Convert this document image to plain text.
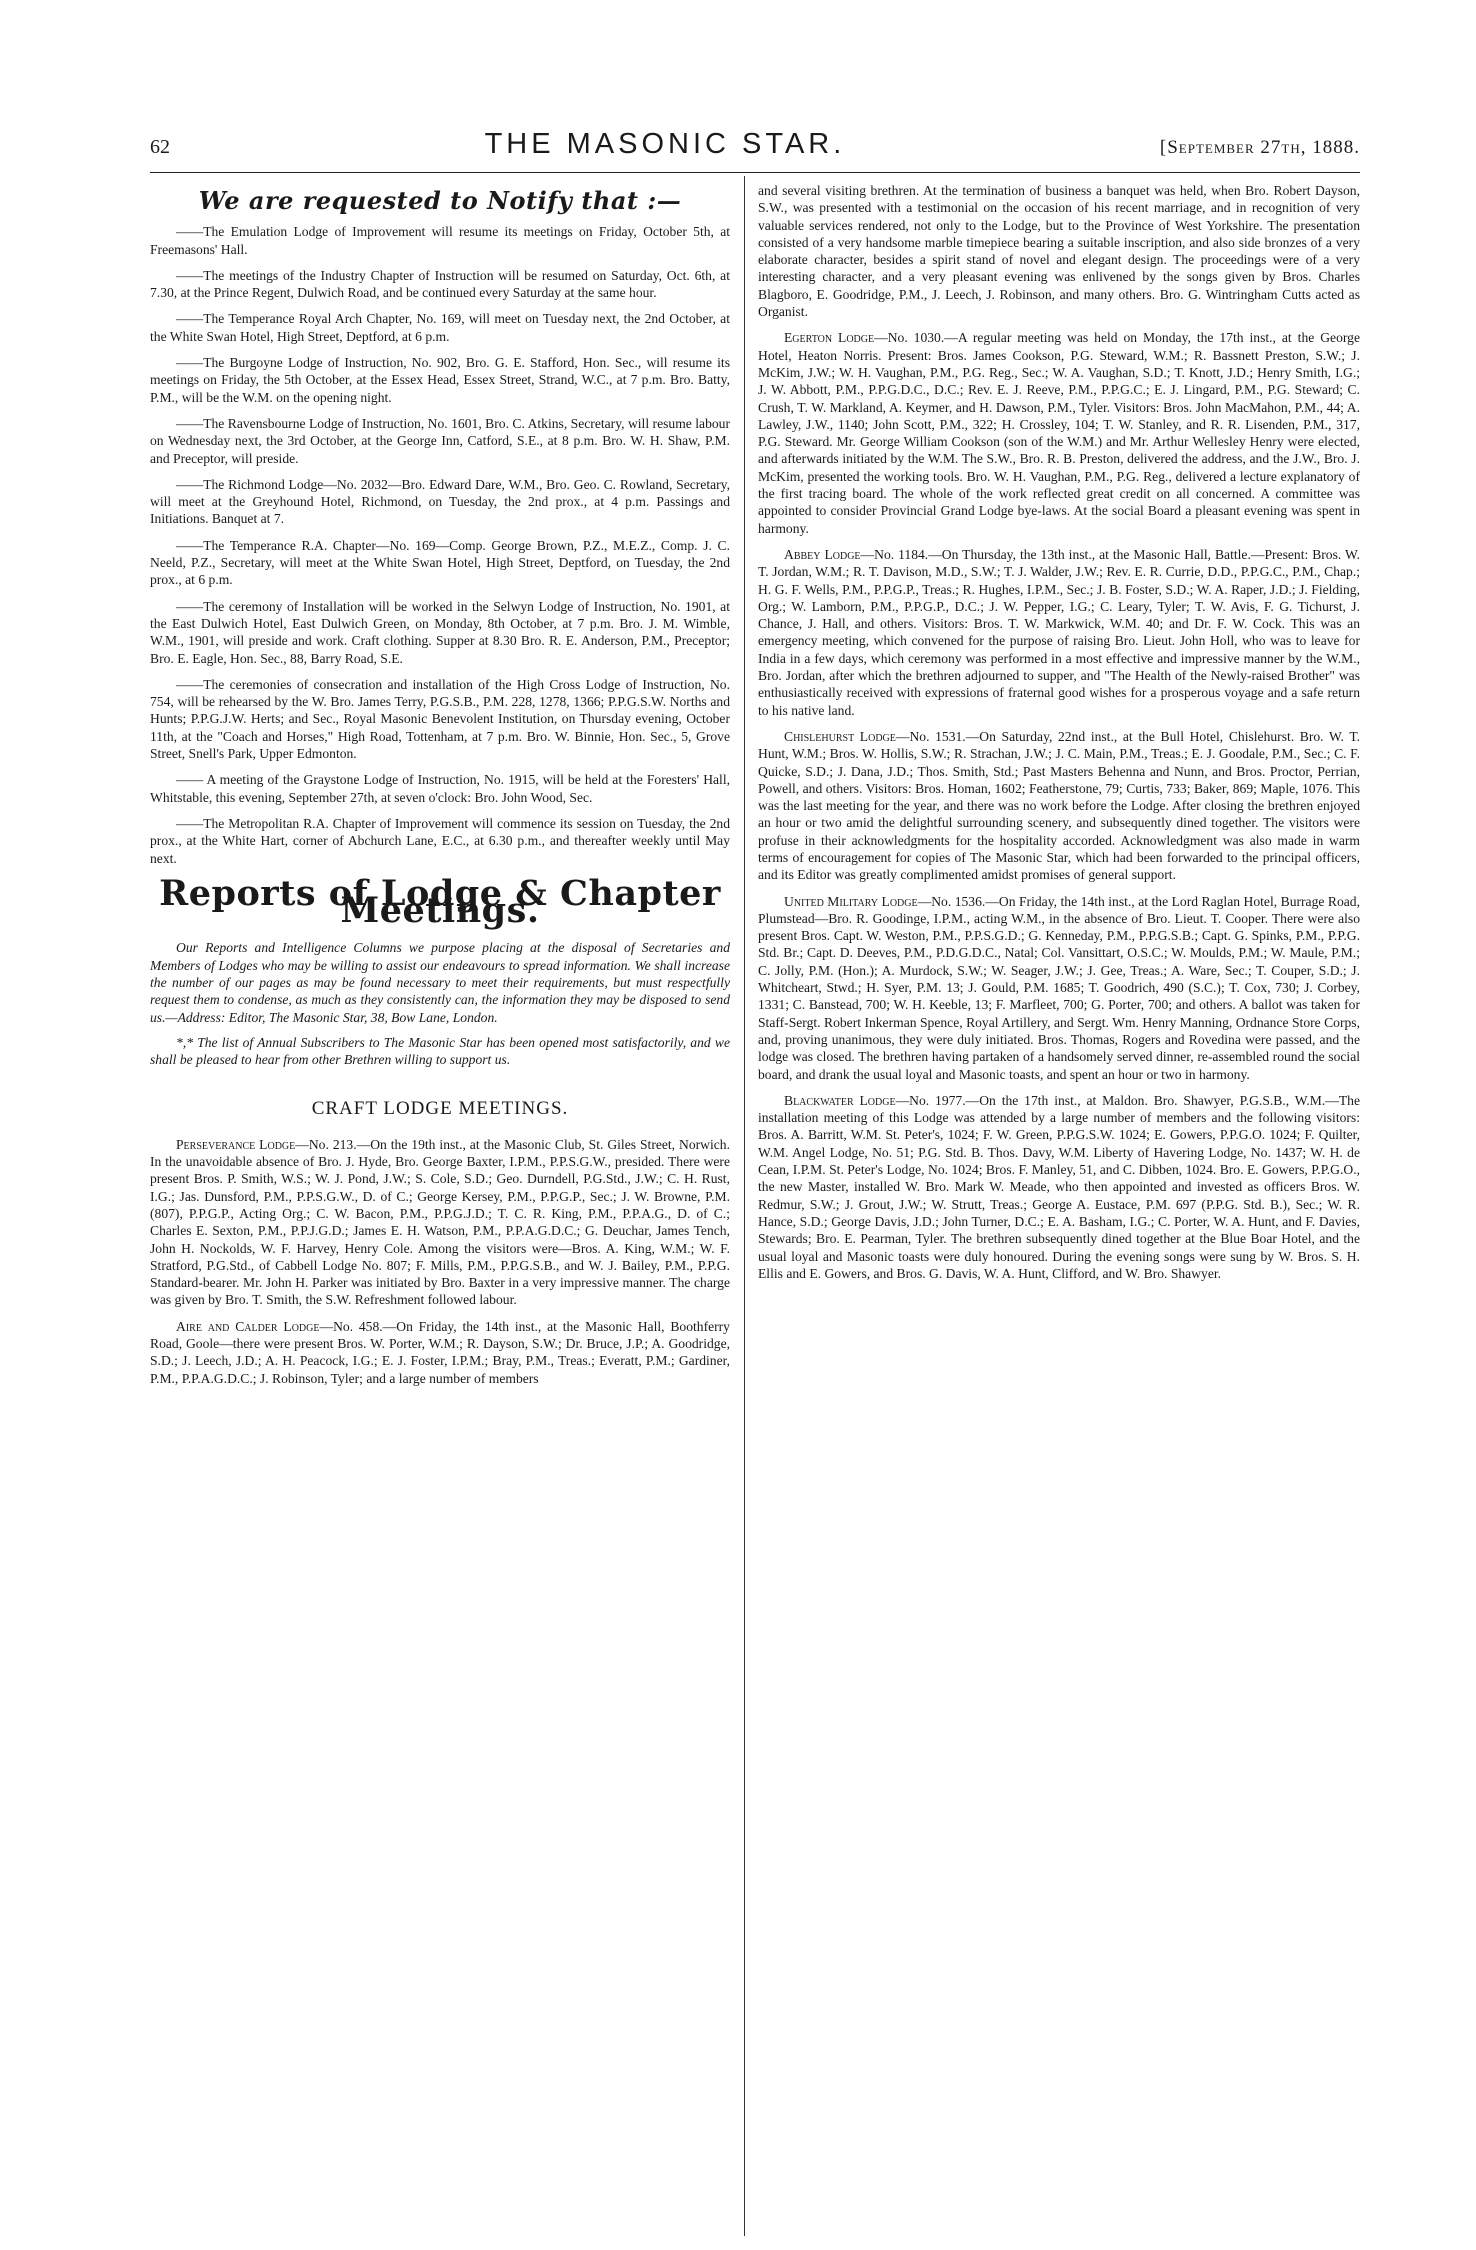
62	THE MASONIC STAR.	[September 27th, 1888.
We are requested to Notify that :—

——The Emulation Lodge of Improvement will resume its meetings on Friday, October 5th, at Freemasons' Hall.

——The meetings of the Industry Chapter of Instruction will be resumed on Saturday, Oct. 6th, at 7.30, at the Prince Regent, Dulwich Road, and be continued every Saturday at the same hour.

——The Temperance Royal Arch Chapter, No. 169, will meet on Tuesday next, the 2nd October, at the White Swan Hotel, High Street, Deptford, at 6 p.m.

——The Burgoyne Lodge of Instruction, No. 902, Bro. G. E. Stafford, Hon. Sec., will resume its meetings on Friday, the 5th October, at the Essex Head, Essex Street, Strand, W.C., at 7 p.m. Bro. Batty, P.M., will be the W.M. on the opening night.

——The Ravensbourne Lodge of Instruction, No. 1601, Bro. C. Atkins, Secretary, will resume labour on Wednesday next, the 3rd October, at the George Inn, Catford, S.E., at 8 p.m. Bro. W. H. Shaw, P.M. and Preceptor, will preside.

——The Richmond Lodge—No. 2032—Bro. Edward Dare, W.M., Bro. Geo. C. Rowland, Secretary, will meet at the Greyhound Hotel, Richmond, on Tuesday, the 2nd prox., at 4 p.m. Passings and Initiations. Banquet at 7.

——The Temperance R.A. Chapter—No. 169—Comp. George Brown, P.Z., M.E.Z., Comp. J. C. Neeld, P.Z., Secretary, will meet at the White Swan Hotel, High Street, Deptford, on Tuesday, the 2nd prox., at 6 p.m.

——The ceremony of Installation will be worked in the Selwyn Lodge of Instruction, No. 1901, at the East Dulwich Hotel, East Dulwich Green, on Monday, 8th October, at 7 p.m. Bro. J. M. Wimble, W.M., 1901, will preside and work. Craft clothing. Supper at 8.30 Bro. R. E. Anderson, P.M., Preceptor; Bro. E. Eagle, Hon. Sec., 88, Barry Road, S.E.

——The ceremonies of consecration and installation of the High Cross Lodge of Instruction, No. 754, will be rehearsed by the W. Bro. James Terry, P.G.S.B., P.M. 228, 1278, 1366; P.P.G.S.W. Norths and Hunts; P.P.G.J.W. Herts; and Sec., Royal Masonic Benevolent Institution, on Thursday evening, October 11th, at the "Coach and Horses," High Road, Tottenham, at 7 p.m. Bro. W. Binnie, Hon. Sec., 5, Grove Street, Snell's Park, Upper Edmonton.

—— A meeting of the Graystone Lodge of Instruction, No. 1915, will be held at the Foresters' Hall, Whitstable, this evening, September 27th, at seven o'clock: Bro. John Wood, Sec.

——The Metropolitan R.A. Chapter of Improvement will commence its session on Tuesday, the 2nd prox., at the White Hart, corner of Abchurch Lane, E.C., at 6.30 p.m., and thereafter weekly until May next.

Reports of Lodge & Chapter Meetings.

Our Reports and Intelligence Columns we purpose placing at the disposal of Secretaries and Members of Lodges who may be willing to assist our endeavours to spread information. We shall increase the number of our pages as may be found necessary to meet their requirements, but must respectfully request them to condense, as much as they consistently can, the information they may be disposed to send us.—Address: Editor, The Masonic Star, 38, Bow Lane, London.

*,* The list of Annual Subscribers to The Masonic Star has been opened most satisfactorily, and we shall be pleased to hear from other Brethren willing to support us.

CRAFT LODGE MEETINGS.

Perseverance Lodge—No. 213.—On the 19th inst., at the Masonic Club, St. Giles Street, Norwich. In the unavoidable absence of Bro. J. Hyde, Bro. George Baxter, I.P.M., P.P.S.G.W., presided. There were present Bros. P. Smith, W.S.; W. J. Pond, J.W.; S. Cole, S.D.; Geo. Durndell, P.G.Std., J.W.; C. H. Rust, I.G.; Jas. Dunsford, P.M., P.P.S.G.W., D. of C.; George Kersey, P.M., P.P.G.P., Sec.; J. W. Browne, P.M. (807), P.P.G.P., Acting Org.; C. W. Bacon, P.M., P.P.G.J.D.; T. C. R. King, P.M., P.P.A.G., D. of C.; Charles E. Sexton, P.M., P.P.J.G.D.; James E. H. Watson, P.M., P.P.A.G.D.C.; G. Deuchar, James Tench, John H. Nockolds, W. F. Harvey, Henry Cole. Among the visitors were—Bros. A. King, W.M.; W. F. Stratford, P.G.Std., of Cabbell Lodge No. 807; F. Mills, P.M., P.P.G.S.B., and W. J. Bailey, P.M., P.P.G. Standard-bearer. Mr. John H. Parker was initiated by Bro. Baxter in a very impressive manner. The charge was given by Bro. T. Smith, the S.W. Refreshment followed labour.

Aire and Calder Lodge—No. 458.—On Friday, the 14th inst., at the Masonic Hall, Boothferry Road, Goole—there were present Bros. W. Porter, W.M.; R. Dayson, S.W.; Dr. Bruce, J.P.; A. Goodridge, S.D.; J. Leech, J.D.; A. H. Peacock, I.G.; E. J. Foster, I.P.M.; Bray, P.M., Treas.; Everatt, P.M.; Gardiner, P.M., P.P.A.G.D.C.; J. Robinson, Tyler; and a large number of members

and several visiting brethren. At the termination of business a banquet was held, when Bro. Robert Dayson, S.W., was presented with a testimonial on the occasion of his recent marriage, and in recognition of very valuable services rendered, not only to the Lodge, but to the Province of West Yorkshire. The presentation consisted of a very handsome marble timepiece bearing a suitable inscription, and also side bronzes of a very elaborate character, besides a spirit stand of novel and elegant design. The proceedings were of a very interesting character, and a very pleasant evening was enlivened by the songs given by Bros. Charles Blagboro, E. Goodridge, P.M., J. Leech, J. Robinson, and many others. Bro. G. Wintringham Cutts acted as Organist.

Egerton Lodge—No. 1030.—A regular meeting was held on Monday, the 17th inst., at the George Hotel, Heaton Norris. Present: Bros. James Cookson, P.G. Steward, W.M.; R. Bassnett Preston, S.W.; J. McKim, J.W.; W. H. Vaughan, P.M., P.G. Reg., Sec.; W. A. Vaughan, S.D.; T. Knott, J.D.; Henry Smith, I.G.; J. W. Abbott, P.M., P.P.G.D.C., D.C.; Rev. E. J. Reeve, P.M., P.P.G.C.; E. J. Lingard, P.M., P.G. Steward; C. Crush, T. W. Markland, A. Keymer, and H. Dawson, P.M., Tyler. Visitors: Bros. John MacMahon, P.M., 44; A. Lawley, J.W., 1140; John Scott, P.M., 322; H. Crossley, 104; T. W. Stanley, and R. R. Lisenden, P.M., 317, P.G. Steward. Mr. George William Cookson (son of the W.M.) and Mr. Arthur Wellesley Henry were elected, and afterwards initiated by the W.M. The S.W., Bro. R. B. Preston, delivered the address, and the J.W., Bro. J. McKim, presented the working tools. Bro. W. H. Vaughan, P.M., P.G. Reg., delivered a lecture explanatory of the first tracing board. The whole of the work reflected great credit on all concerned. A committee was appointed to consider Provincial Grand Lodge bye-laws. At the social Board a pleasant evening was spent in harmony.

Abbey Lodge—No. 1184.—On Thursday, the 13th inst., at the Masonic Hall, Battle.—Present: Bros. W. T. Jordan, W.M.; R. T. Davison, M.D., S.W.; T. J. Walder, J.W.; Rev. E. R. Currie, D.D., P.P.G.C., P.M., Chap.; H. G. F. Wells, P.M., P.P.G.P., Treas.; R. Hughes, I.P.M., Sec.; J. B. Foster, S.D.; W. A. Raper, J.D.; J. Fielding, Org.; W. Lamborn, P.M., P.P.G.P., D.C.; J. W. Pepper, I.G.; C. Leary, Tyler; T. W. Avis, F. G. Tichurst, J. Chance, J. Hall, and others. Visitors: Bros. T. W. Markwick, W.M. 40; and Dr. F. W. Cock. This was an emergency meeting, which convened for the purpose of raising Bro. Lieut. John Holl, who was to leave for India in a few days, which ceremony was performed in a most effective and impressive manner by the W.M., Bro. Jordan, after which the brethren adjourned to supper, and "The Health of the Newly-raised Brother" was enthusiastically received with expressions of fraternal good wishes for a prosperous voyage and a safe return to his native land.

Chislehurst Lodge—No. 1531.—On Saturday, 22nd inst., at the Bull Hotel, Chislehurst. Bro. W. T. Hunt, W.M.; Bros. W. Hollis, S.W.; R. Strachan, J.W.; J. C. Main, P.M., Treas.; E. J. Goodale, P.M., Sec.; C. F. Quicke, S.D.; J. Dana, J.D.; Thos. Smith, Std.; Past Masters Behenna and Nunn, and Bros. Proctor, Perrian, Powell, and others. Visitors: Bros. Homan, 1602; Featherstone, 79; Curtis, 733; Baker, 869; Maple, 1076. This was the last meeting for the year, and there was no work before the Lodge. After closing the brethren enjoyed an hour or two amid the delightful surrounding scenery, and subsequently dined together. The visitors were profuse in their acknowledgments for the hospitality accorded. Acknowledgment was also made in warm terms of encouragement for copies of The Masonic Star, which had been forwarded to the principal officers, and its Editor was greatly complimented amidst promises of general support.

United Military Lodge—No. 1536.—On Friday, the 14th inst., at the Lord Raglan Hotel, Burrage Road, Plumstead—Bro. R. Goodinge, I.P.M., acting W.M., in the absence of Bro. Lieut. T. Cooper. There were also present Bros. Capt. W. Weston, P.M., P.P.S.G.D.; G. Kenneday, P.M., P.P.G.S.B.; Capt. G. Spinks, P.M., P.P.G. Std. Br.; Capt. D. Deeves, P.M., P.D.G.D.C., Natal; Col. Vansittart, O.S.C.; W. Moulds, P.M.; W. Maule, P.M.; C. Jolly, P.M. (Hon.); A. Murdock, S.W.; W. Seager, J.W.; J. Gee, Treas.; A. Ware, Sec.; T. Couper, S.D.; J. Whitcheart, Stwd.; H. Syer, P.M. 13; J. Gould, P.M. 1685; T. Goodrich, 490 (S.C.); T. Cox, 730; J. Corbey, 1331; C. Banstead, 700; W. H. Keeble, 13; F. Marfleet, 700; G. Porter, 700; and others. A ballot was taken for Staff-Sergt. Robert Inkerman Spence, Royal Artillery, and Sergt. Wm. Henry Manning, Ordnance Store Corps, and, proving unanimous, they were duly initiated. Bros. Thomas, Rogers and Rovedina were passed, and the lodge was closed. The brethren having partaken of a handsomely served dinner, re-assembled round the social board, and drank the usual loyal and Masonic toasts, and spent an hour or two in harmony.

Blackwater Lodge—No. 1977.—On the 17th inst., at Maldon. Bro. Shawyer, P.G.S.B., W.M.—The installation meeting of this Lodge was attended by a large number of members and the following visitors: Bros. A. Barritt, W.M. St. Peter's, 1024; F. W. Green, P.P.G.S.W. 1024; E. Gowers, P.P.G.O. 1024; F. Quilter, W.M. Angel Lodge, No. 51; P.G. Std. B. Thos. Davy, W.M. Liberty of Havering Lodge, No. 1437; W. H. de Cean, I.P.M. St. Peter's Lodge, No. 1024; Bros. F. Manley, 51, and C. Dibben, 1024. Bro. E. Gowers, P.P.G.O., the new Master, installed W. Bro. Mark W. Meade, who then appointed and invested as officers Bros. W. Redmur, S.W.; J. Grout, J.W.; W. Strutt, Treas.; George A. Eustace, P.M. 697 (P.P.G. Std. B.), Sec.; W. R. Hance, S.D.; George Davis, J.D.; John Turner, D.C.; E. A. Basham, I.G.; C. Porter, W. A. Hunt, and F. Davies, Stewards; Bro. E. Pearman, Tyler. The brethren subsequently dined together at the Blue Boar Hotel, and the usual loyal and Masonic toasts were duly honoured. During the evening songs were sung by W. Bros. S. H. Ellis and E. Gowers, and Bros. G. Davis, W. A. Hunt, Clifford, and W. Bro. Shawyer.
